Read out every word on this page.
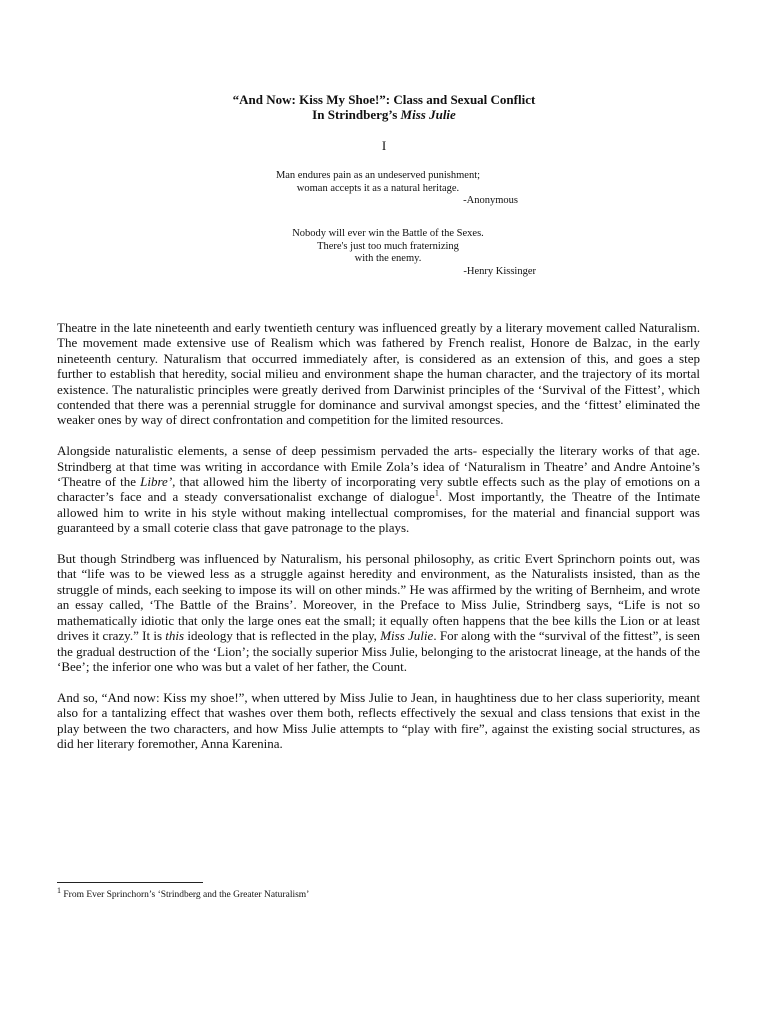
“And Now: Kiss My Shoe!”: Class and Sexual Conflict
In Strindberg’s Miss Julie
I
Man endures pain as an undeserved punishment;
woman accepts it as a natural heritage.
-Anonymous
Nobody will ever win the Battle of the Sexes.
There's just too much fraternizing
with the enemy.
-Henry Kissinger

Theatre in the late nineteenth and early twentieth century was influenced greatly by a literary movement called Naturalism. The movement made extensive use of Realism which was fathered by French realist, Honore de Balzac, in the early nineteenth century. Naturalism that occurred immediately after, is considered as an extension of this, and goes a step further to establish that heredity, social milieu and environment shape the human character, and the trajectory of its mortal existence. The naturalistic principles were greatly derived from Darwinist principles of the ‘Survival of the Fittest’, which contended that there was a perennial struggle for dominance and survival amongst species, and the ‘fittest’ eliminated the weaker ones by way of direct confrontation and competition for the limited resources.

Alongside naturalistic elements, a sense of deep pessimism pervaded the arts- especially the literary works of that age. Strindberg at that time was writing in accordance with Emile Zola’s idea of ‘Naturalism in Theatre’ and Andre Antoine’s ‘Theatre of the Libre’, that allowed him the liberty of incorporating very subtle effects such as the play of emotions on a character’s face and a steady conversationalist exchange of dialogue$^1$. Most importantly, the Theatre of the Intimate allowed him to write in his style without making intellectual compromises, for the material and financial support was guaranteed by a small coterie class that gave patronage to the plays.

But though Strindberg was influenced by Naturalism, his personal philosophy, as critic Evert Sprinchorn points out, was that “life was to be viewed less as a struggle against heredity and environment, as the Naturalists insisted, than as the struggle of minds, each seeking to impose its will on other minds.” He was affirmed by the writing of Bernheim, and wrote an essay called, ‘The Battle of the Brains’. Moreover, in the Preface to Miss Julie, Strindberg says, “Life is not so mathematically idiotic that only the large ones eat the small; it equally often happens that the bee kills the Lion or at least drives it crazy.” It is this ideology that is reflected in the play, Miss Julie. For along with the “survival of the fittest”, is seen the gradual destruction of the ‘Lion’; the socially superior Miss Julie, belonging to the aristocrat lineage, at the hands of the ‘Bee’; the inferior one who was but a valet of her father, the Count.

And so, “And now: Kiss my shoe!”, when uttered by Miss Julie to Jean, in haughtiness due to her class superiority, meant also for a tantalizing effect that washes over them both, reflects effectively the sexual and class tensions that exist in the play between the two characters, and how Miss Julie attempts to “play with fire”, against the existing social structures, as did her literary foremother, Anna Karenina.

$^1$ From Ever Sprinchorn’s ‘Strindberg and the Greater Naturalism’
